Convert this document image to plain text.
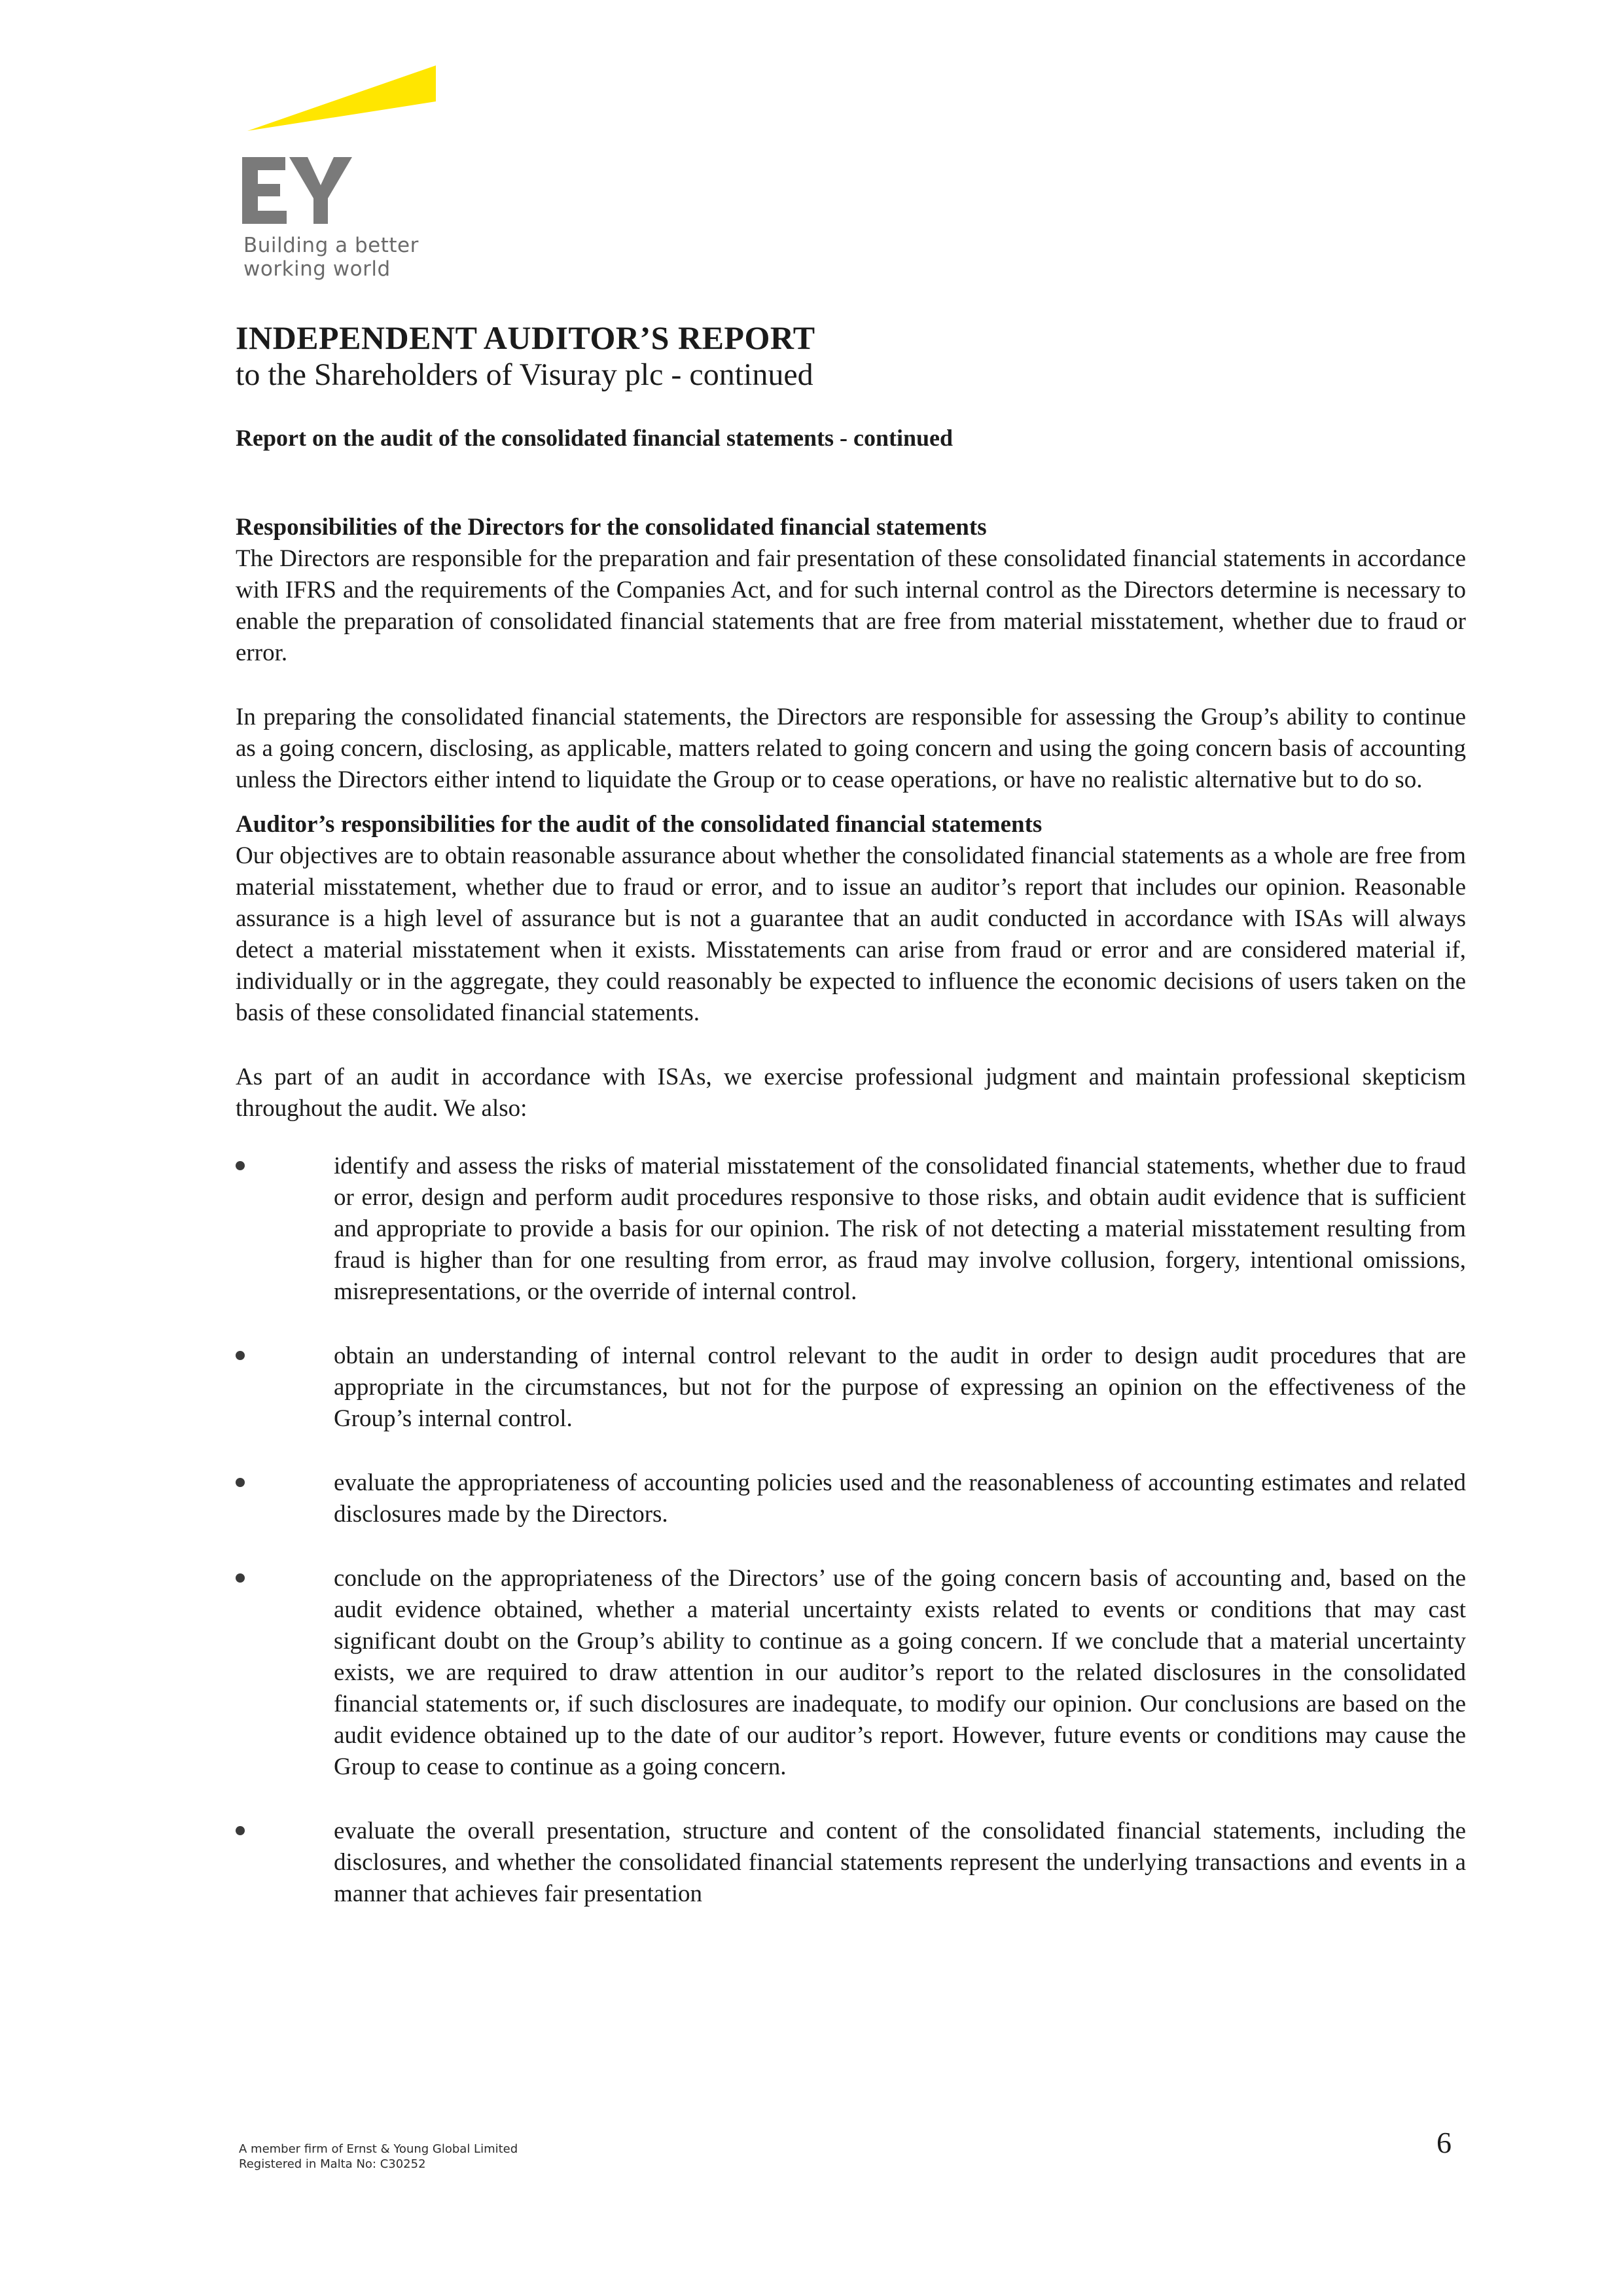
Building a better
working world
INDEPENDENT AUDITOR’S REPORT

to the Shareholders of Visuray plc - continued

Report on the audit of the consolidated financial statements - continued

Responsibilities of the Directors for the consolidated financial statements

The Directors are responsible for the preparation and fair presentation of these consolidated financial statements in accordance with IFRS and the requirements of the Companies Act, and for such internal control as the Directors determine is necessary to enable the preparation of consolidated financial statements that are free from material misstatement, whether due to fraud or error.

In preparing the consolidated financial statements, the Directors are responsible for assessing the Group’s ability to continue as a going concern, disclosing, as applicable, matters related to going concern and using the going concern basis of accounting unless the Directors either intend to liquidate the Group or to cease operations, or have no realistic alternative but to do so.

Auditor’s responsibilities for the audit of the consolidated financial statements

Our objectives are to obtain reasonable assurance about whether the consolidated financial statements as a whole are free from material misstatement, whether due to fraud or error, and to issue an auditor’s report that includes our opinion. Reasonable assurance is a high level of assurance but is not a guarantee that an audit conducted in accordance with ISAs will always detect a material misstatement when it exists. Misstatements can arise from fraud or error and are considered material if, individually or in the aggregate, they could reasonably be expected to influence the economic decisions of users taken on the basis of these consolidated financial statements.

As part of an audit in accordance with ISAs, we exercise professional judgment and maintain professional skepticism throughout the audit. We also:

identify and assess the risks of material misstatement of the consolidated financial statements, whether due to fraud or error, design and perform audit procedures responsive to those risks, and obtain audit evidence that is sufficient and appropriate to provide a basis for our opinion. The risk of not detecting a material misstatement resulting from fraud is higher than for one resulting from error, as fraud may involve collusion, forgery, intentional omissions, misrepresentations, or the override of internal control.
obtain an understanding of internal control relevant to the audit in order to design audit procedures that are appropriate in the circumstances, but not for the purpose of expressing an opinion on the effectiveness of the Group’s internal control.
evaluate the appropriateness of accounting policies used and the reasonableness of accounting estimates and related disclosures made by the Directors.
conclude on the appropriateness of the Directors’ use of the going concern basis of accounting and, based on the audit evidence obtained, whether a material uncertainty exists related to events or conditions that may cast significant doubt on the Group’s ability to continue as a going concern. If we conclude that a material uncertainty exists, we are required to draw attention in our auditor’s report to the related disclosures in the consolidated financial statements or, if such disclosures are inadequate, to modify our opinion. Our conclusions are based on the audit evidence obtained up to the date of our auditor’s report. However, future events or conditions may cause the Group to cease to continue as a going concern.
evaluate the overall presentation, structure and content of the consolidated financial statements, including the disclosures, and whether the consolidated financial statements represent the underlying transactions and events in a manner that achieves fair presentation
A member firm of Ernst & Young Global Limited
Registered in Malta No: C30252
6
